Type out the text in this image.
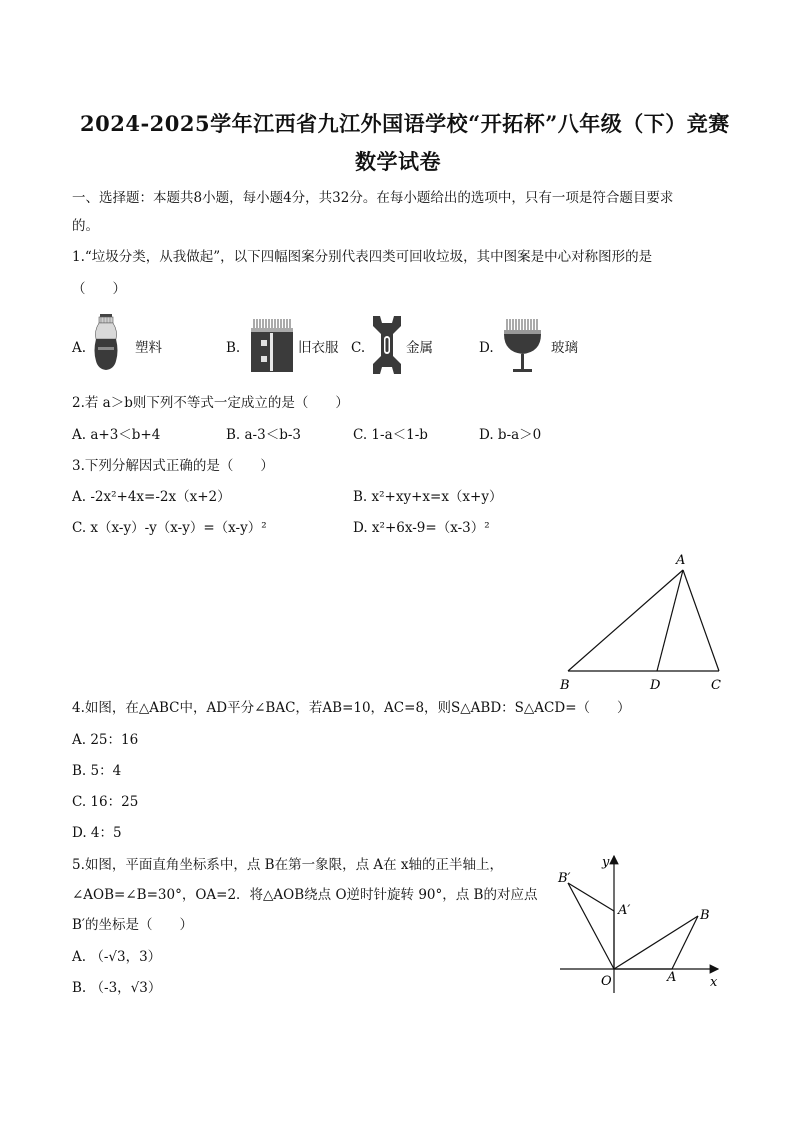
2024-2025学年江西省九江外国语学校“开拓杯”八年级（下）竞赛
数学试卷
一、选择题：本题共8小题，每小题4分，共32分。在每小题给出的选项中，只有一项是符合题目要求
的。
1.“垃圾分类，从我做起”，以下四幅图案分别代表四类可回收垃圾，其中图案是中心对称图形的是
（　　）
A.	塑料	B.	旧衣服 C.	金属	D.	玻璃
2.若 a＞b则下列不等式一定成立的是（　　）
A. a+3＜b+4	B. a-3＜b-3	C. 1-a＜1-b	D. b-a＞0
3.下列分解因式正确的是（　　）
A. -2x²+4x=-2x（x+2）	B. x²+xy+x=x（x+y）
C. x（x-y）-y（x-y）=（x-y）²	D. x²+6x-9=（x-3）²
A
B	D	C
4.如图，在△ABC中，AD平分∠BAC，若AB=10，AC=8，则S△ABD：S△ACD=（　　）
A. 25：16
B. 5：4
C. 16：25
D. 4：5
5.如图，平面直角坐标系中，点 B在第一象限，点 A在 x轴的正半轴上，
∠AOB=∠B=30°，OA=2．将△AOB绕点 O逆时针旋转 90°，点 B的对应点
B′的坐标是（　　）
A. （-√3，3）
B. （-3，√3）
y
x
O	A
B
A′
B′
